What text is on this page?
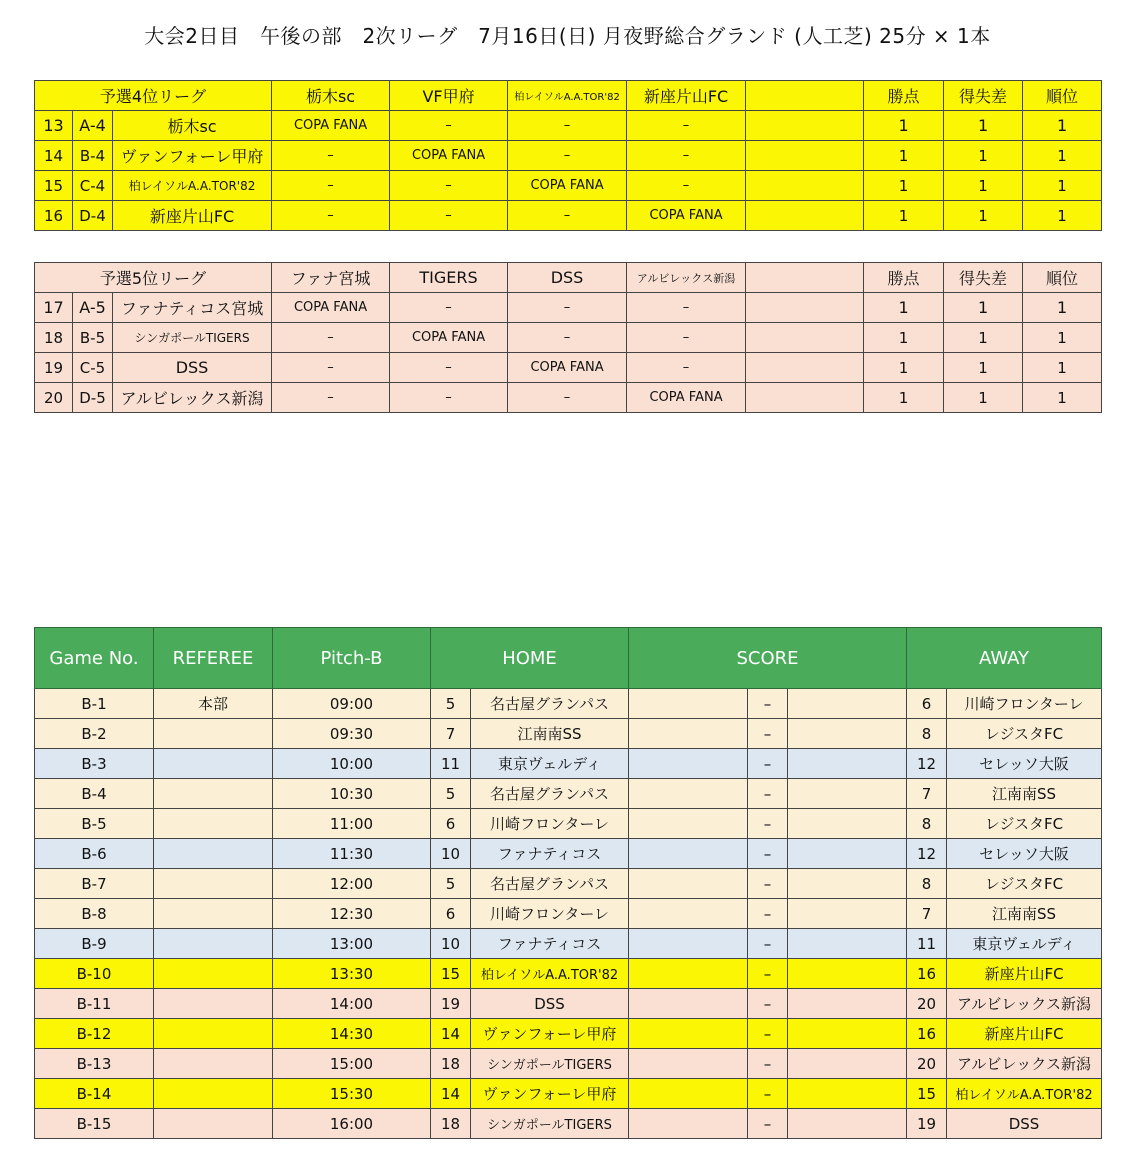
大会2日目　午後の部　2次リーグ　7月16日(日) 月夜野総合グランド (人工芝) 25分 × 1本
予選4位リーグ			栃木sc	VF甲府	柏レイソルA.A.TOR'82	新座片山FC		勝点	得失差	順位
13	A-4	栃木sc	COPA FANA	–	–	–		1	1	1
14	B-4	ヴァンフォーレ甲府	–	COPA FANA	–	–		1	1	1
15	C-4	柏レイソルA.A.TOR'82	–	–	COPA FANA	–		1	1	1
16	D-4	新座片山FC	–	–	–	COPA FANA		1	1	1
予選5位リーグ			ファナ宮城	TIGERS	DSS	アルビレックス新潟		勝点	得失差	順位
17	A-5	ファナティコス宮城	COPA FANA	–	–	–		1	1	1
18	B-5	シンガポールTIGERS	–	COPA FANA	–	–		1	1	1
19	C-5	DSS	–	–	COPA FANA	–		1	1	1
20	D-5	アルビレックス新潟	–	–	–	COPA FANA		1	1	1
Game No.	REFEREE	Pitch-B	HOME		SCORE			AWAY	
B-1	本部	09:00	5	名古屋グランパス		–		6	川崎フロンターレ
B-2		09:30	7	江南南SS		–		8	レジスタFC
B-3		10:00	11	東京ヴェルディ		–		12	セレッソ大阪
B-4		10:30	5	名古屋グランパス		–		7	江南南SS
B-5		11:00	6	川崎フロンターレ		–		8	レジスタFC
B-6		11:30	10	ファナティコス		–		12	セレッソ大阪
B-7		12:00	5	名古屋グランパス		–		8	レジスタFC
B-8		12:30	6	川崎フロンターレ		–		7	江南南SS
B-9		13:00	10	ファナティコス		–		11	東京ヴェルディ
B-10		13:30	15	柏レイソルA.A.TOR'82		–		16	新座片山FC
B-11		14:00	19	DSS		–		20	アルビレックス新潟
B-12		14:30	14	ヴァンフォーレ甲府		–		16	新座片山FC
B-13		15:00	18	シンガポールTIGERS		–		20	アルビレックス新潟
B-14		15:30	14	ヴァンフォーレ甲府		–		15	柏レイソルA.A.TOR'82
B-15		16:00	18	シンガポールTIGERS		–		19	DSS
